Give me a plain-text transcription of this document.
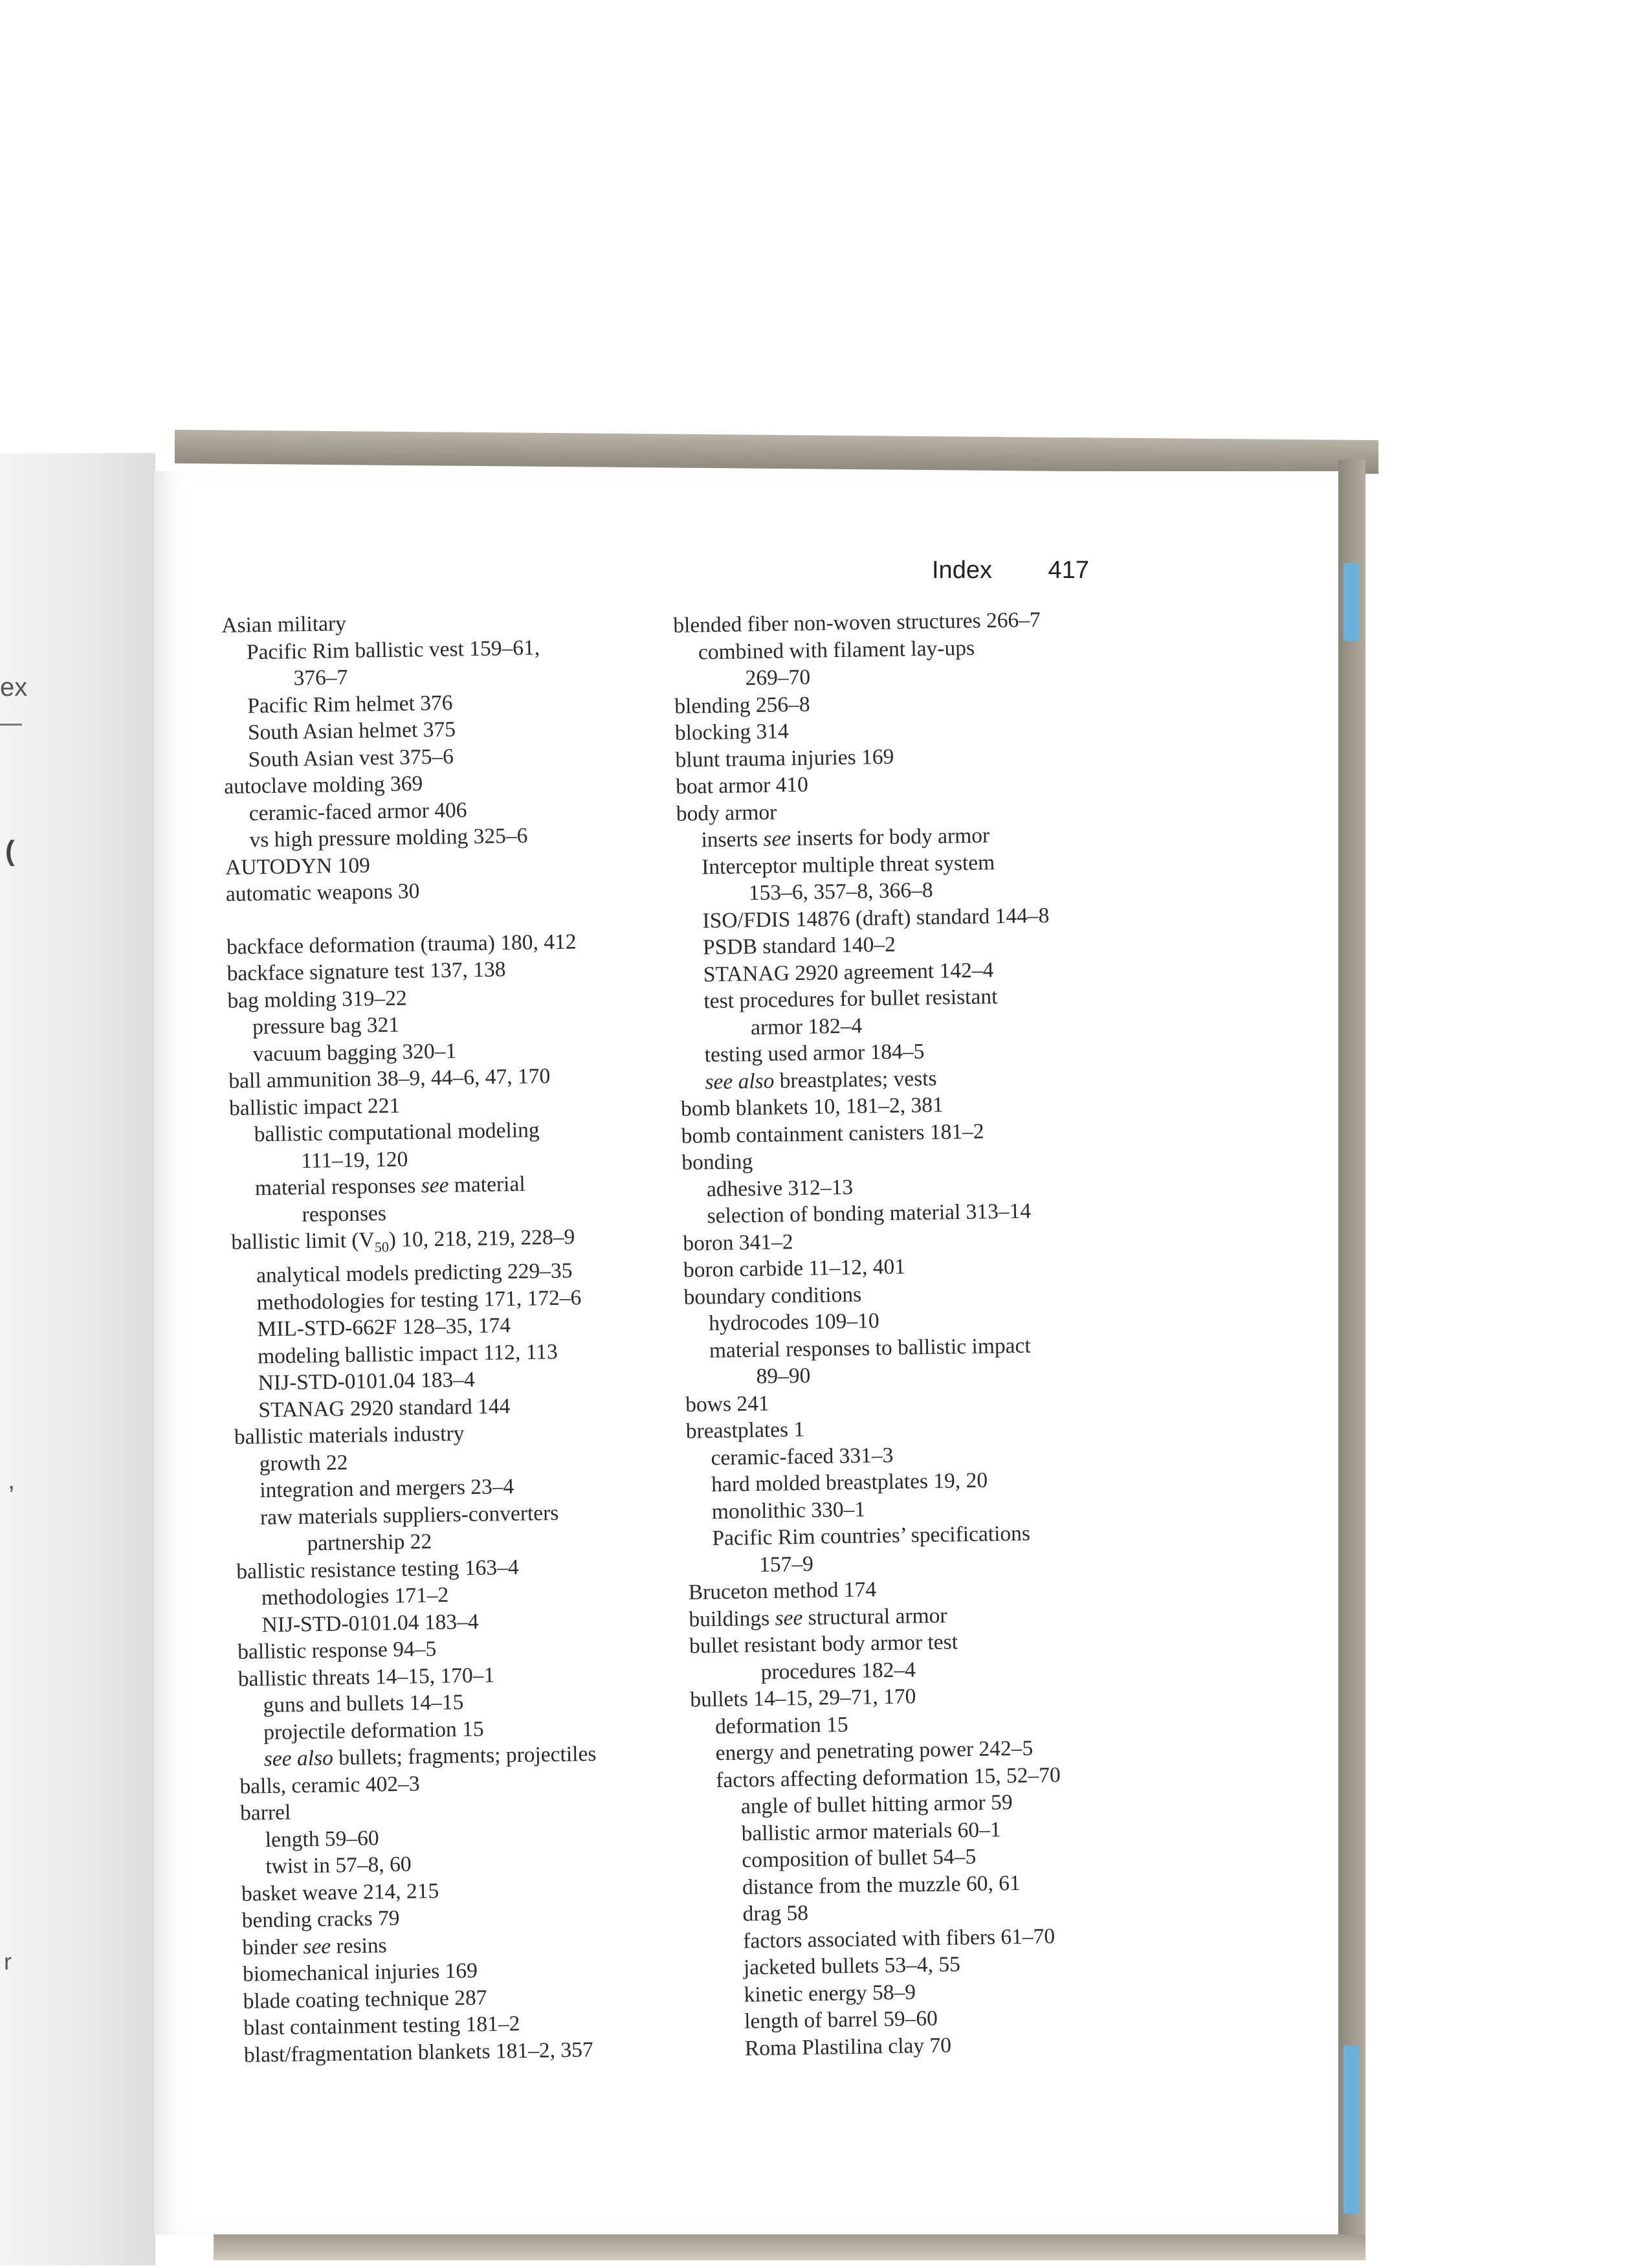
ex
(
,
r
Index 417
Asian military
Pacific Rim ballistic vest 159–61,
376–7
Pacific Rim helmet 376
South Asian helmet 375
South Asian vest 375–6
autoclave molding 369
ceramic-faced armor 406
vs high pressure molding 325–6
AUTODYN 109
automatic weapons 30
backface deformation (trauma) 180, 412
backface signature test 137, 138
bag molding 319–22
pressure bag 321
vacuum bagging 320–1
ball ammunition 38–9, 44–6, 47, 170
ballistic impact 221
ballistic computational modeling
111–19, 120
material responses see material
responses
ballistic limit $(V_{50})$ 10, 218, 219, 228–9
analytical models predicting 229–35
methodologies for testing 171, 172–6
MIL-STD-662F 128–35, 174
modeling ballistic impact 112, 113
NIJ-STD-0101.04 183–4
STANAG 2920 standard 144
ballistic materials industry
growth 22
integration and mergers 23–4
raw materials suppliers-converters
partnership 22
ballistic resistance testing 163–4
methodologies 171–2
NIJ-STD-0101.04 183–4
ballistic response 94–5
ballistic threats 14–15, 170–1
guns and bullets 14–15
projectile deformation 15
see also bullets; fragments; projectiles
balls, ceramic 402–3
barrel
length 59–60
twist in 57–8, 60
basket weave 214, 215
bending cracks 79
binder see resins
biomechanical injuries 169
blade coating technique 287
blast containment testing 181–2
blast/fragmentation blankets 181–2, 357
blended fiber non-woven structures 266–7
combined with filament lay-ups
269–70
blending 256–8
blocking 314
blunt trauma injuries 169
boat armor 410
body armor
inserts see inserts for body armor
Interceptor multiple threat system
153–6, 357–8, 366–8
ISO/FDIS 14876 (draft) standard 144–8
PSDB standard 140–2
STANAG 2920 agreement 142–4
test procedures for bullet resistant
armor 182–4
testing used armor 184–5
see also breastplates; vests
bomb blankets 10, 181–2, 381
bomb containment canisters 181–2
bonding
adhesive 312–13
selection of bonding material 313–14
boron 341–2
boron carbide 11–12, 401
boundary conditions
hydrocodes 109–10
material responses to ballistic impact
89–90
bows 241
breastplates 1
ceramic-faced 331–3
hard molded breastplates 19, 20
monolithic 330–1
Pacific Rim countries’ specifications
157–9
Bruceton method 174
buildings see structural armor
bullet resistant body armor test
procedures 182–4
bullets 14–15, 29–71, 170
deformation 15
energy and penetrating power 242–5
factors affecting deformation 15, 52–70
angle of bullet hitting armor 59
ballistic armor materials 60–1
composition of bullet 54–5
distance from the muzzle 60, 61
drag 58
factors associated with fibers 61–70
jacketed bullets 53–4, 55
kinetic energy 58–9
length of barrel 59–60
Roma Plastilina clay 70
